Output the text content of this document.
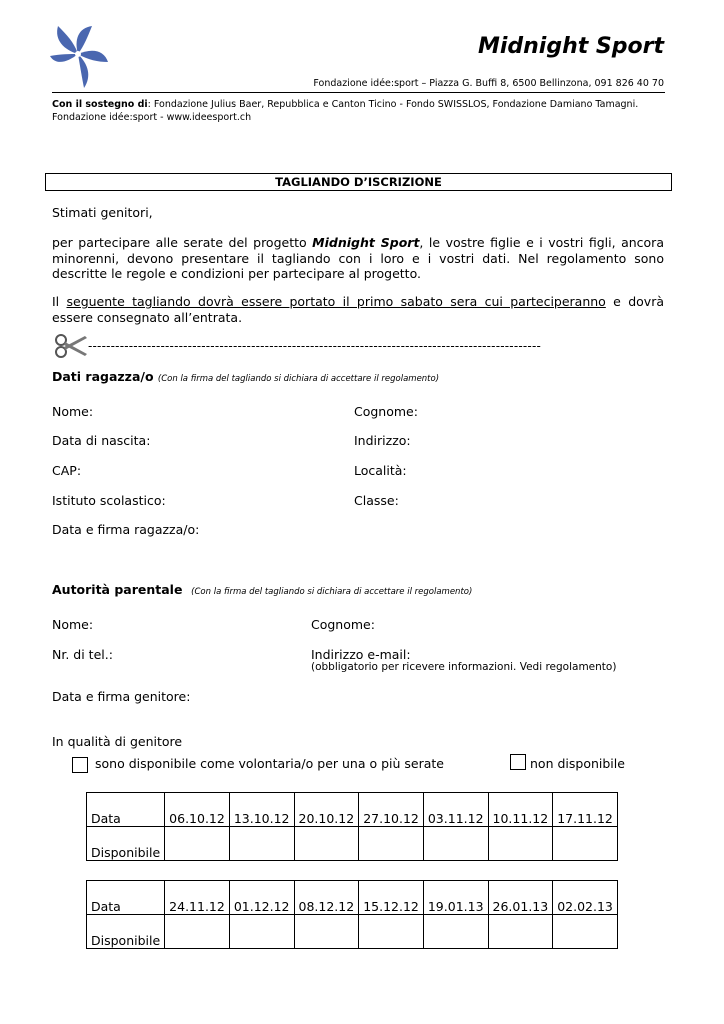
Midnight Sport
Fondazione idée:sport – Piazza G. Buffi 8, 6500 Bellinzona, 091 826 40 70
Con il sostegno di: Fondazione Julius Baer, Repubblica e Canton Ticino - Fondo SWISSLOS, Fondazione Damiano Tamagni.
Fondazione idée:sport - www.ideesport.ch
TAGLIANDO D’ISCRIZIONE
Stimati genitori,
per partecipare alle serate del progetto Midnight Sport, le vostre figlie e i vostri figli, ancora minorenni, devono presentare il tagliando con i loro e i vostri dati. Nel regolamento sono descritte le regole e condizioni per partecipare al progetto.
Il seguente tagliando dovrà essere portato il primo sabato sera cui parteciperanno e dovrà essere consegnato all’entrata.
----------------------------------------------------------------------------------------------------
Dati ragazza/o (Con la firma del tagliando si dichiara di accettare il regolamento)
Nome:	Cognome:
Data di nascita:	Indirizzo:
CAP:	Località:
Istituto scolastico:	Classe:
Data e firma ragazza/o:
Autorità parentale (Con la firma del tagliando si dichiara di accettare il regolamento)
Nome:	Cognome:
Nr. di tel.:	Indirizzo e-mail:
(obbligatorio per ricevere informazioni. Vedi regolamento)
Data e firma genitore:
In qualità di genitore
sono disponibile come volontaria/o per una o più serate	non disponibile
Data	06.10.12	13.10.12	20.10.12	27.10.12	03.11.12	10.11.12	17.11.12
Disponibile							
Data	24.11.12	01.12.12	08.12.12	15.12.12	19.01.13	26.01.13	02.02.13
Disponibile							
